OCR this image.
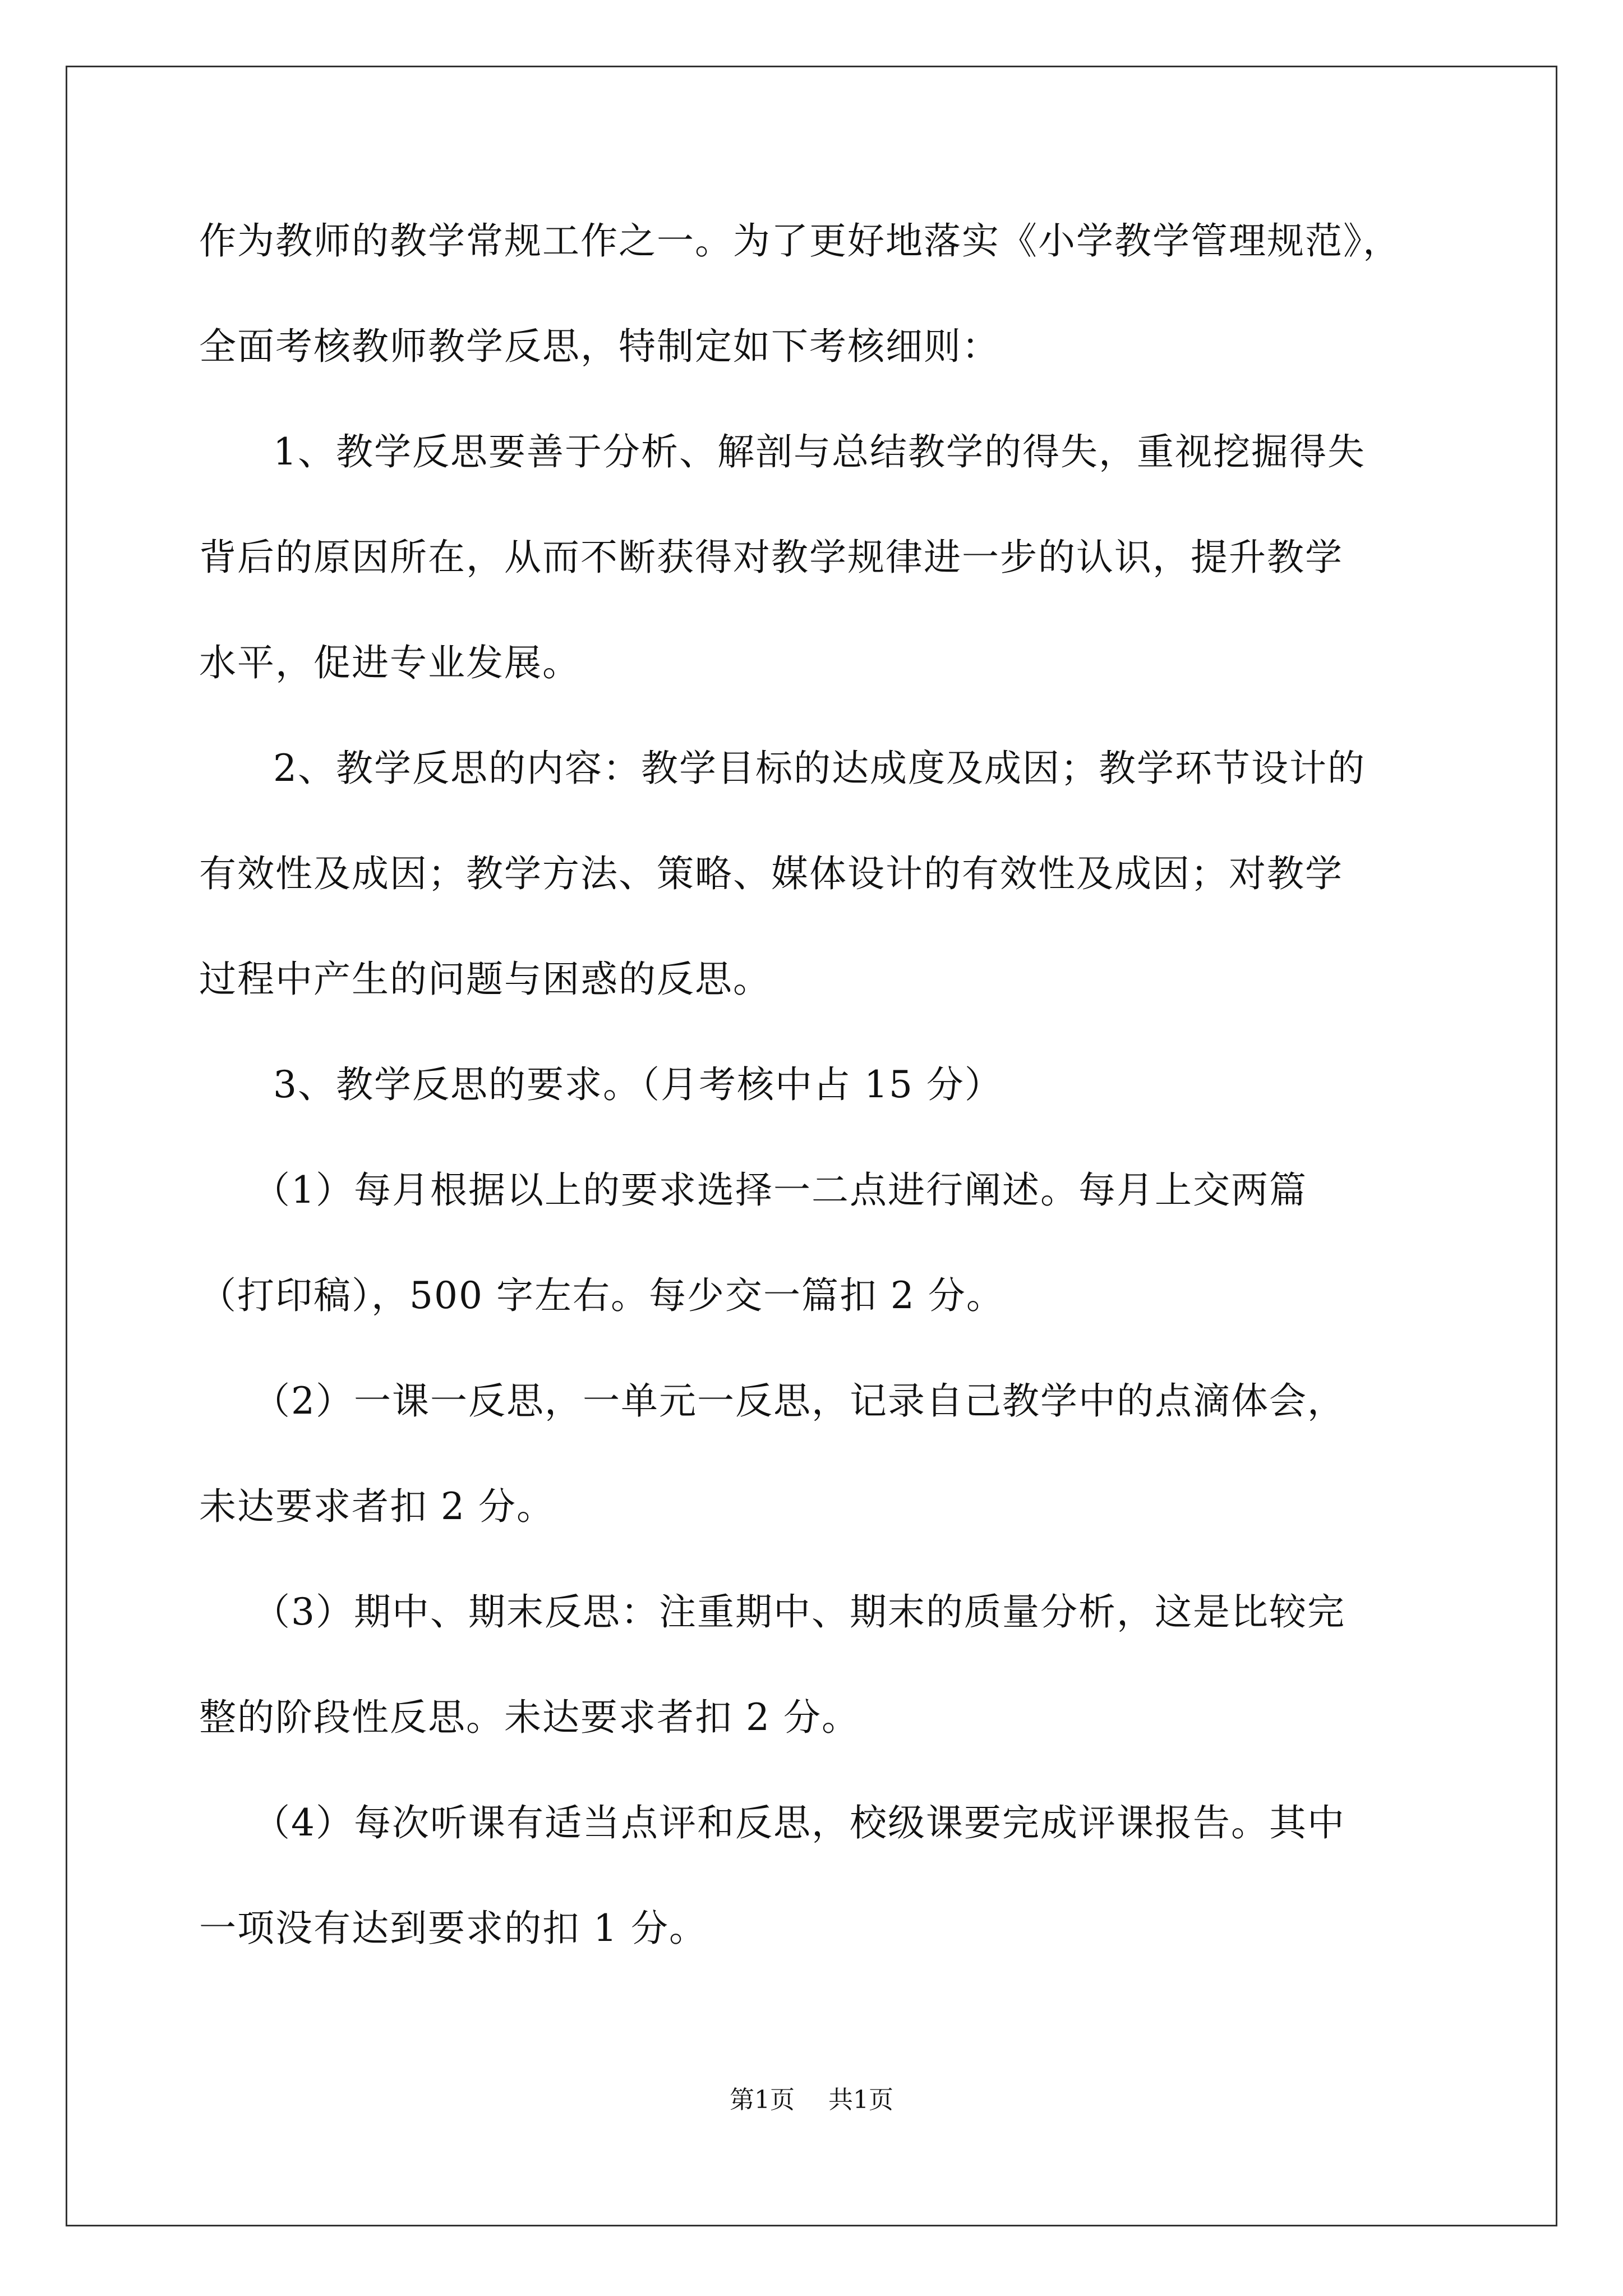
作为教师的教学常规工作之一。为了更好地落实《小学教学管理规范》，
全面考核教师教学反思，特制定如下考核细则：
1、教学反思要善于分析、解剖与总结教学的得失，重视挖掘得失
背后的原因所在，从而不断获得对教学规律进一步的认识，提升教学
水平，促进专业发展。
2、教学反思的内容：教学目标的达成度及成因；教学环节设计的
有效性及成因；教学方法、策略、媒体设计的有效性及成因；对教学
过程中产生的问题与困惑的反思。
3、教学反思的要求。（月考核中占 15 分）
（1）每月根据以上的要求选择一二点进行阐述。每月上交两篇
（打印稿），500 字左右。每少交一篇扣 2 分。
（2）一课一反思，一单元一反思，记录自己教学中的点滴体会，
未达要求者扣 2 分。
（3）期中、期末反思：注重期中、期末的质量分析，这是比较完
整的阶段性反思。未达要求者扣 2 分。
（4）每次听课有适当点评和反思，校级课要完成评课报告。其中
一项没有达到要求的扣 1 分。
第1页 共1页
